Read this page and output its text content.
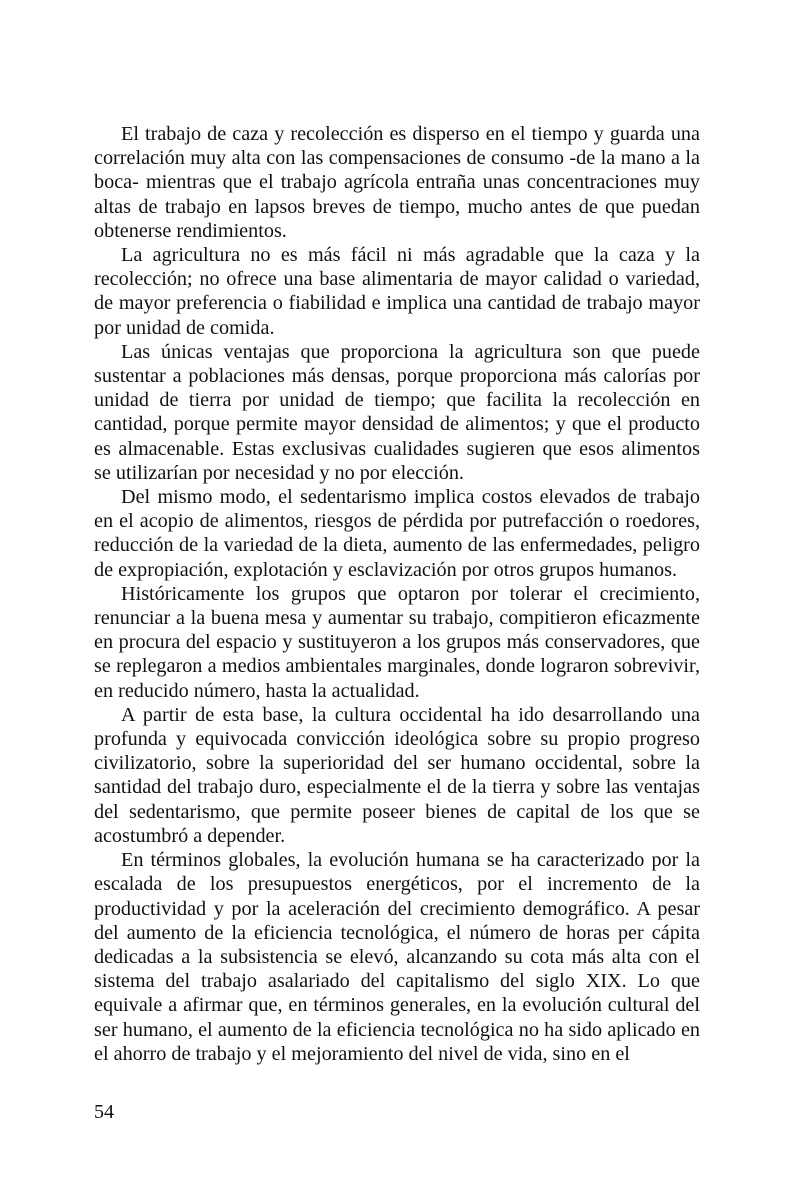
El trabajo de caza y recolección es disperso en el tiempo y guarda una correlación muy alta con las compensaciones de consumo -de la mano a la boca- mientras que el trabajo agrícola entraña unas concentraciones muy altas de trabajo en lapsos breves de tiempo, mucho antes de que puedan obtenerse rendimientos.

La agricultura no es más fácil ni más agradable que la caza y la recolección; no ofrece una base alimentaria de mayor calidad o variedad, de mayor preferencia o fiabilidad e implica una cantidad de trabajo mayor por unidad de comida.

Las únicas ventajas que proporciona la agricultura son que puede sustentar a poblaciones más densas, porque proporciona más calorías por unidad de tierra por unidad de tiempo; que facilita la recolección en cantidad, porque permite mayor densidad de alimentos; y que el producto es almacenable. Estas exclusivas cualidades sugieren que esos alimentos se utilizarían por necesidad y no por elección.

Del mismo modo, el sedentarismo implica costos elevados de trabajo en el acopio de alimentos, riesgos de pérdida por putrefacción o roedores, reducción de la variedad de la dieta, aumento de las enfermedades, peligro de expropiación, explotación y esclavización por otros grupos humanos.

Históricamente los grupos que optaron por tolerar el crecimiento, renunciar a la buena mesa y aumentar su trabajo, compitieron eficazmente en procura del espacio y sustituyeron a los grupos más conservadores, que se replegaron a medios ambientales marginales, donde lograron sobrevivir, en reducido número, hasta la actualidad.

A partir de esta base, la cultura occidental ha ido desarrollando una profunda y equivocada convicción ideológica sobre su propio progreso civilizatorio, sobre la superioridad del ser humano occidental, sobre la santidad del trabajo duro, especialmente el de la tierra y sobre las ventajas del sedentarismo, que permite poseer bienes de capital de los que se acostumbró a depender.

En términos globales, la evolución humana se ha caracterizado por la escalada de los presupuestos energéticos, por el incremento de la productividad y por la aceleración del crecimiento demográfico. A pesar del aumento de la eficiencia tecnológica, el número de horas per cápita dedicadas a la subsistencia se elevó, alcanzando su cota más alta con el sistema del trabajo asalariado del capitalismo del siglo XIX. Lo que equivale a afirmar que, en términos generales, en la evolución cultural del ser humano, el aumento de la eficiencia tecnológica no ha sido aplicado en el ahorro de trabajo y el mejoramiento del nivel de vida, sino en el

54
